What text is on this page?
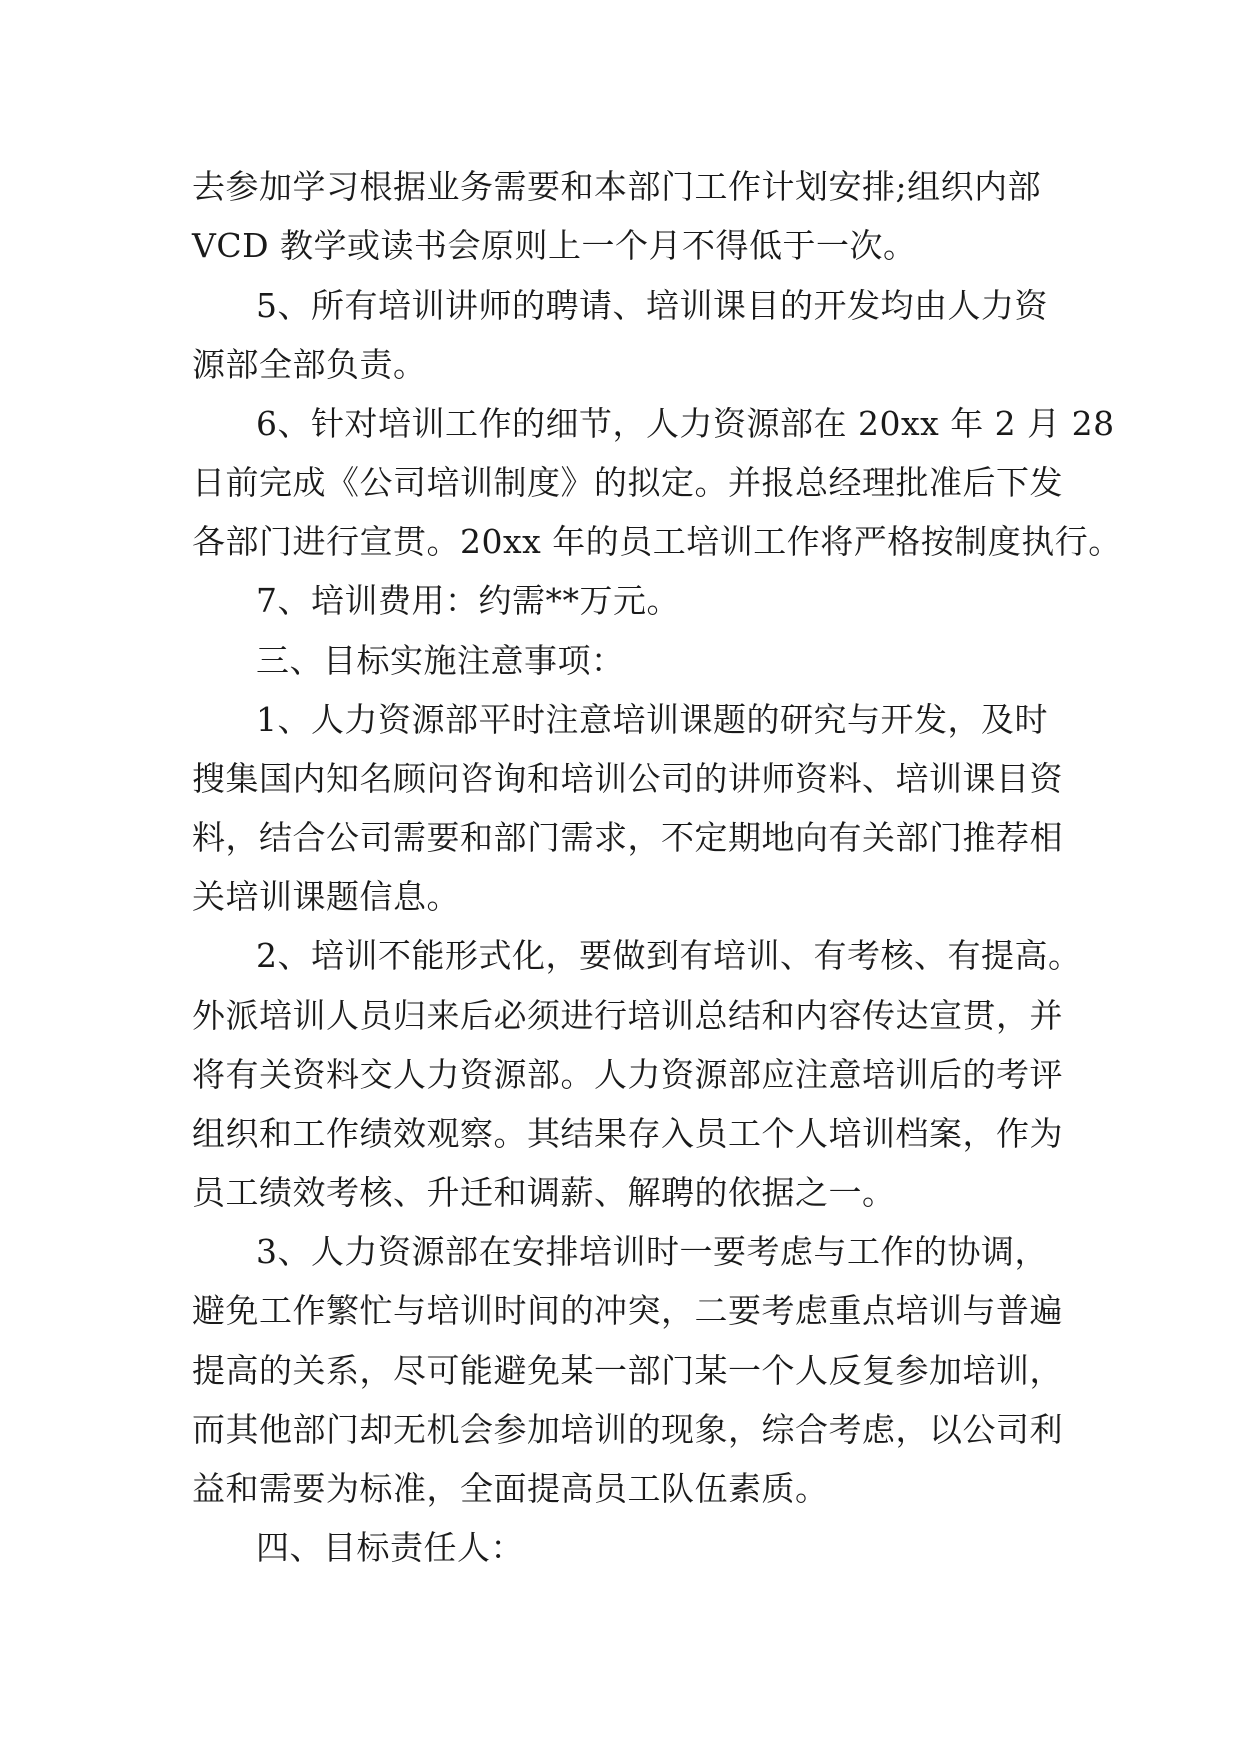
去参加学习根据业务需要和本部门工作计划安排;组织内部
VCD 教学或读书会原则上一个月不得低于一次。
5、所有培训讲师的聘请、培训课目的开发均由人力资
源部全部负责。
6、针对培训工作的细节，人力资源部在 20xx 年 2 月 28
日前完成《公司培训制度》的拟定。并报总经理批准后下发
各部门进行宣贯。20xx 年的员工培训工作将严格按制度执行。
7、培训费用：约需**万元。
三、目标实施注意事项：
1、人力资源部平时注意培训课题的研究与开发，及时
搜集国内知名顾问咨询和培训公司的讲师资料、培训课目资
料，结合公司需要和部门需求，不定期地向有关部门推荐相
关培训课题信息。
2、培训不能形式化，要做到有培训、有考核、有提高。
外派培训人员归来后必须进行培训总结和内容传达宣贯，并
将有关资料交人力资源部。人力资源部应注意培训后的考评
组织和工作绩效观察。其结果存入员工个人培训档案，作为
员工绩效考核、升迁和调薪、解聘的依据之一。
3、人力资源部在安排培训时一要考虑与工作的协调，
避免工作繁忙与培训时间的冲突，二要考虑重点培训与普遍
提高的关系，尽可能避免某一部门某一个人反复参加培训，
而其他部门却无机会参加培训的现象，综合考虑，以公司利
益和需要为标准，全面提高员工队伍素质。
四、目标责任人：
